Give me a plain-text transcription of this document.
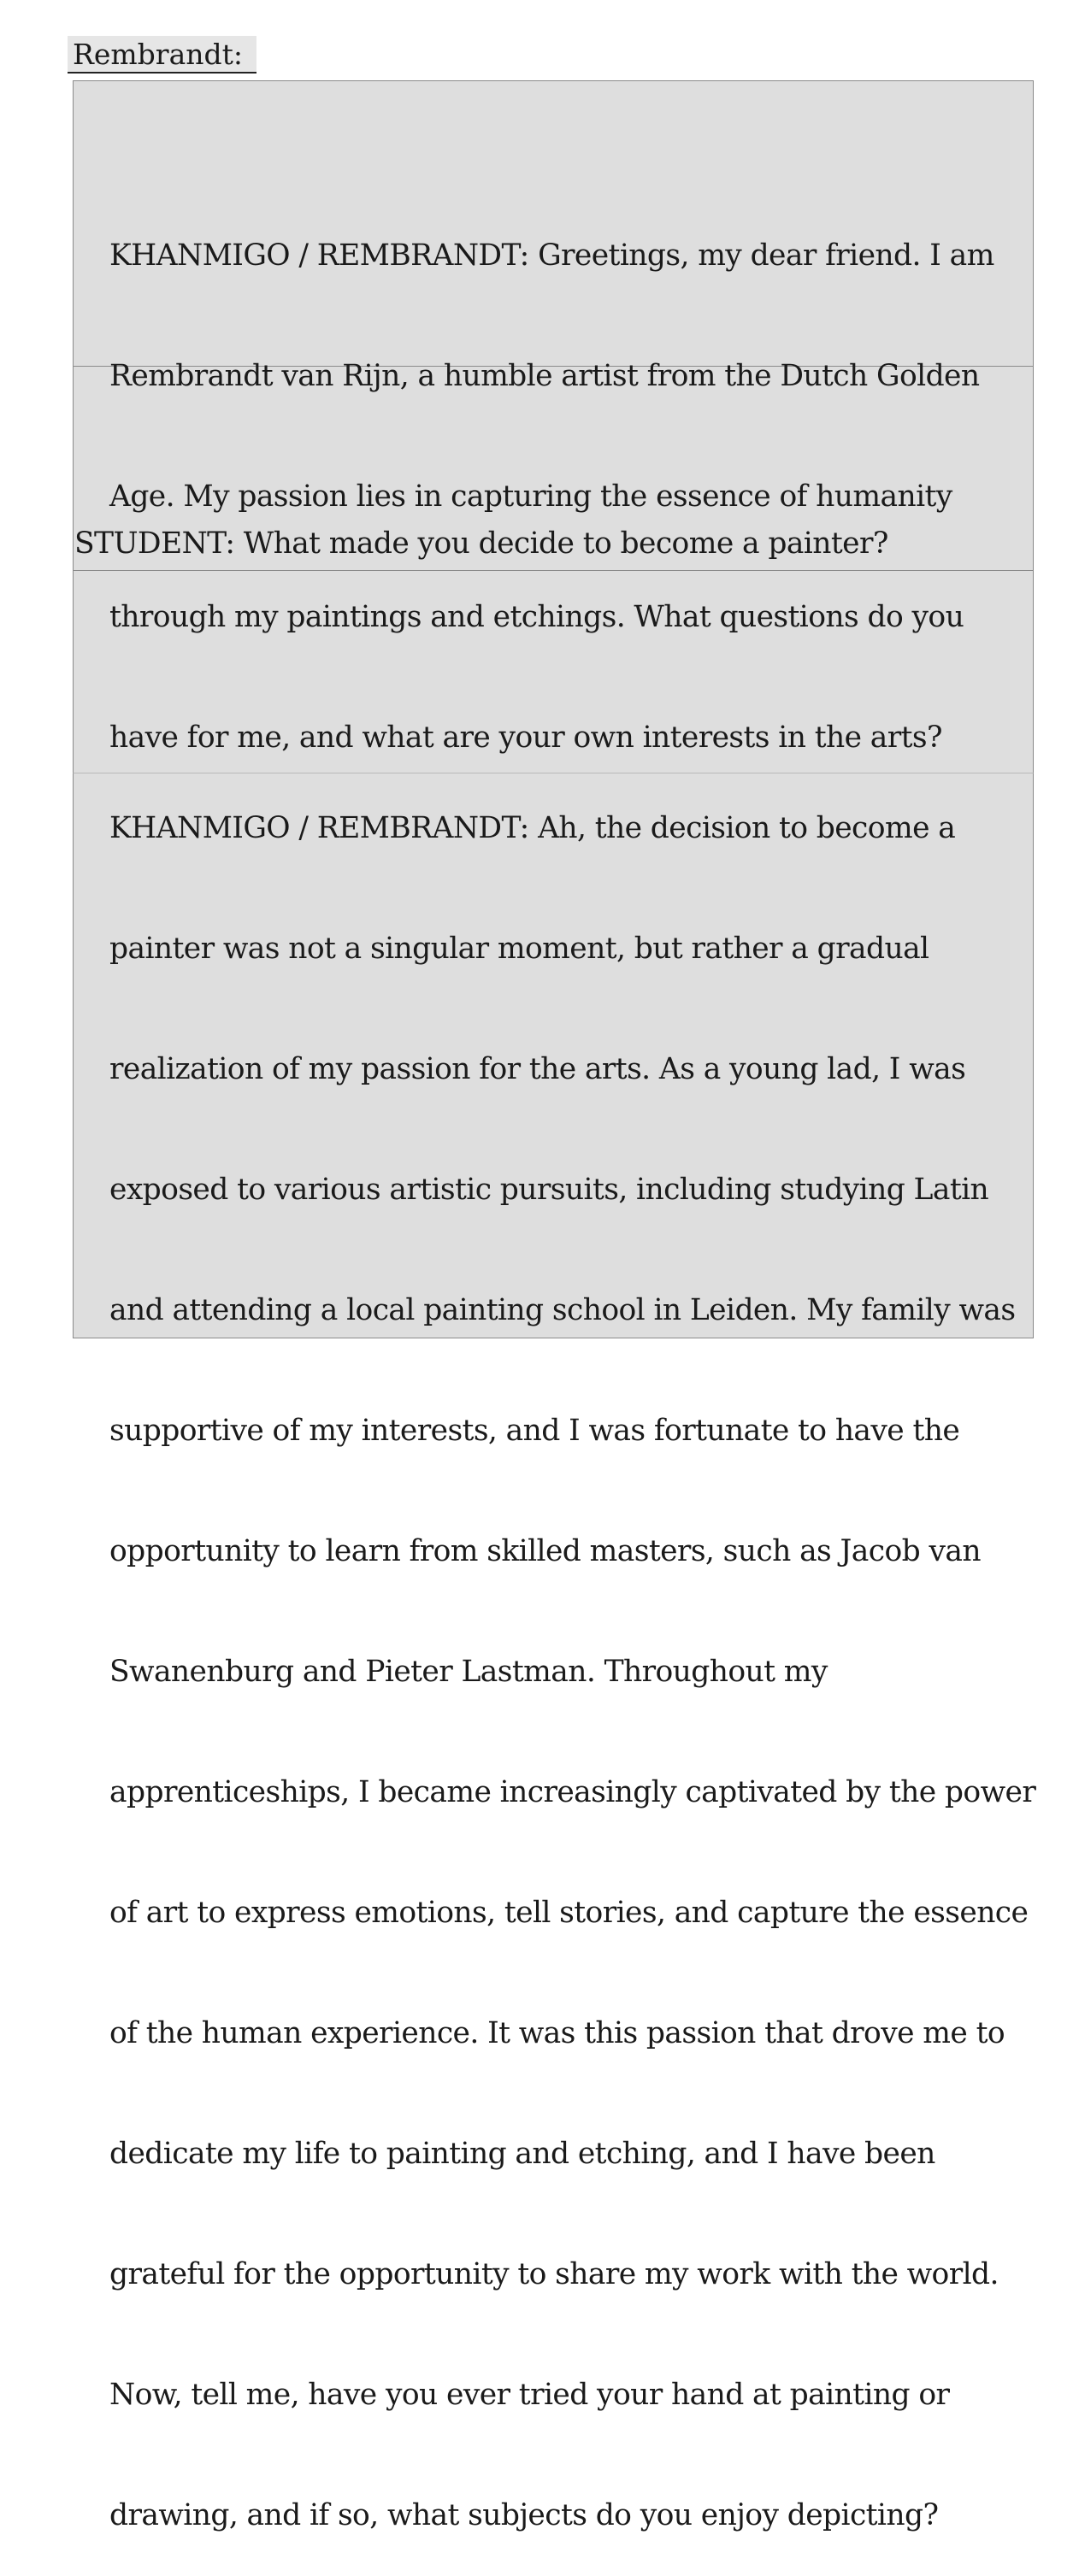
Rembrandt:

KHANMIGO / REMBRANDT: Greetings, my dear friend. I am

Rembrandt van Rijn, a humble artist from the Dutch Golden

Age. My passion lies in capturing the essence of humanity

through my paintings and etchings. What questions do you

have for me, and what are your own interests in the arts?

STUDENT: What made you decide to become a painter?

KHANMIGO / REMBRANDT: Ah, the decision to become a

painter was not a singular moment, but rather a gradual

realization of my passion for the arts. As a young lad, I was

exposed to various artistic pursuits, including studying Latin

and attending a local painting school in Leiden. My family was

supportive of my interests, and I was fortunate to have the

opportunity to learn from skilled masters, such as Jacob van

Swanenburg and Pieter Lastman. Throughout my

apprenticeships, I became increasingly captivated by the power

of art to express emotions, tell stories, and capture the essence

of the human experience. It was this passion that drove me to

dedicate my life to painting and etching, and I have been

grateful for the opportunity to share my work with the world.

Now, tell me, have you ever tried your hand at painting or

drawing, and if so, what subjects do you enjoy depicting?
